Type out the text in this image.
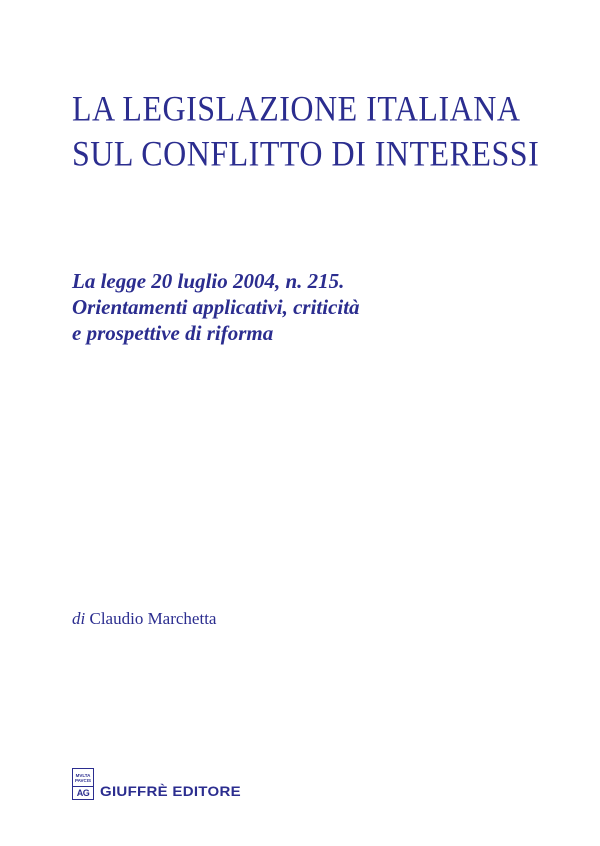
LA LEGISLAZIONE ITALIANA
SUL CONFLITTO DI INTERESSI
La legge 20 luglio 2004, n. 215.
Orientamenti applicativi, criticità
e prospettive di riforma
di Claudio Marchetta
MVLTA
PAVCIS
AG GIUFFRÈ EDITORE
